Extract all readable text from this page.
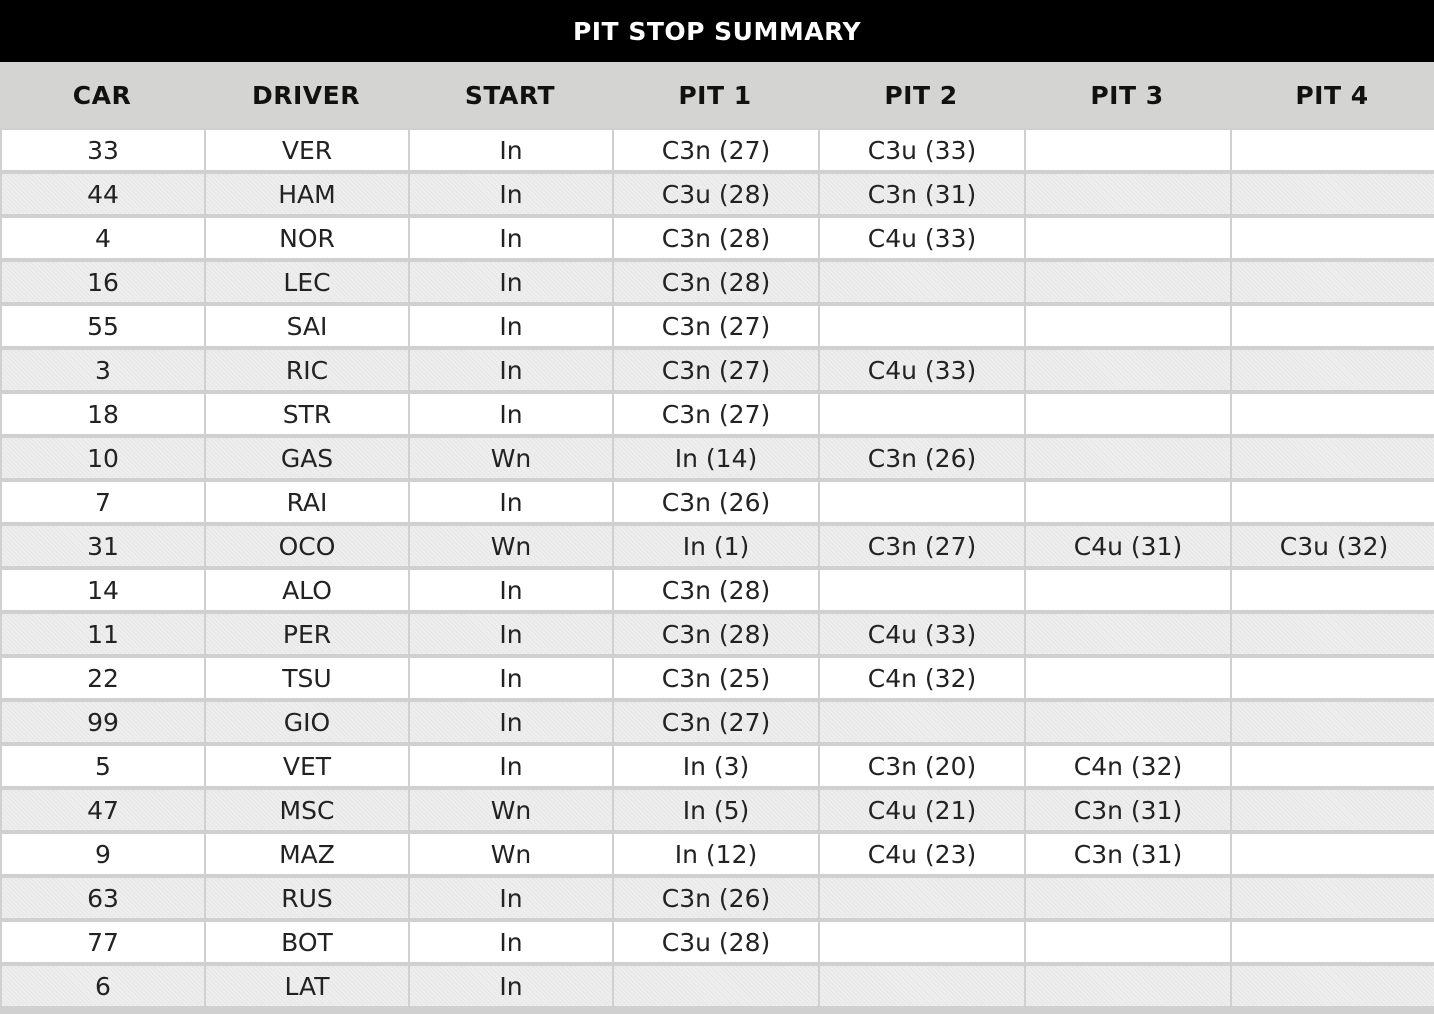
PIT STOP SUMMARY
CAR	DRIVER	START	PIT 1	PIT 2	PIT 3	PIT 4
33	VER	In	C3n (27)	C3u (33)
44	HAM	In	C3u (28)	C3n (31)
4	NOR	In	C3n (28)	C4u (33)
16	LEC	In	C3n (28)
55	SAI	In	C3n (27)
3	RIC	In	C3n (27)	C4u (33)
18	STR	In	C3n (27)
10	GAS	Wn	In (14)	C3n (26)
7	RAI	In	C3n (26)
31	OCO	Wn	In (1)	C3n (27)	C4u (31)	C3u (32)
14	ALO	In	C3n (28)
11	PER	In	C3n (28)	C4u (33)
22	TSU	In	C3n (25)	C4n (32)
99	GIO	In	C3n (27)
5	VET	In	In (3)	C3n (20)	C4n (32)
47	MSC	Wn	In (5)	C4u (21)	C3n (31)
9	MAZ	Wn	In (12)	C4u (23)	C3n (31)
63	RUS	In	C3n (26)
77	BOT	In	C3u (28)
6	LAT	In
